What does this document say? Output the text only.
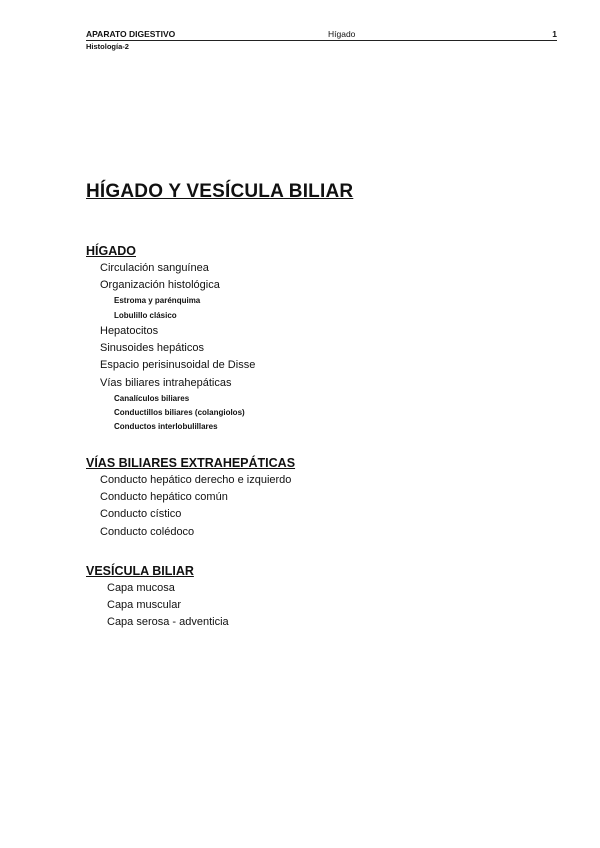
APARATO DIGESTIVO	Hígado	1
Histología-2
HÍGADO Y VESÍCULA BILIAR
HÍGADO
Circulación sanguínea
Organización histológica
Estroma y parénquima
Lobulillo clásico
Hepatocitos
Sinusoides hepáticos
Espacio perisinusoidal de Disse
Vías biliares intrahepáticas
Canalículos biliares
Conductillos biliares (colangiolos)
Conductos interlobulillares
VÍAS BILIARES EXTRAHEPÁTICAS
Conducto hepático derecho e izquierdo
Conducto hepático común
Conducto cístico
Conducto colédoco
VESÍCULA BILIAR
Capa mucosa
Capa muscular
Capa serosa - adventicia
